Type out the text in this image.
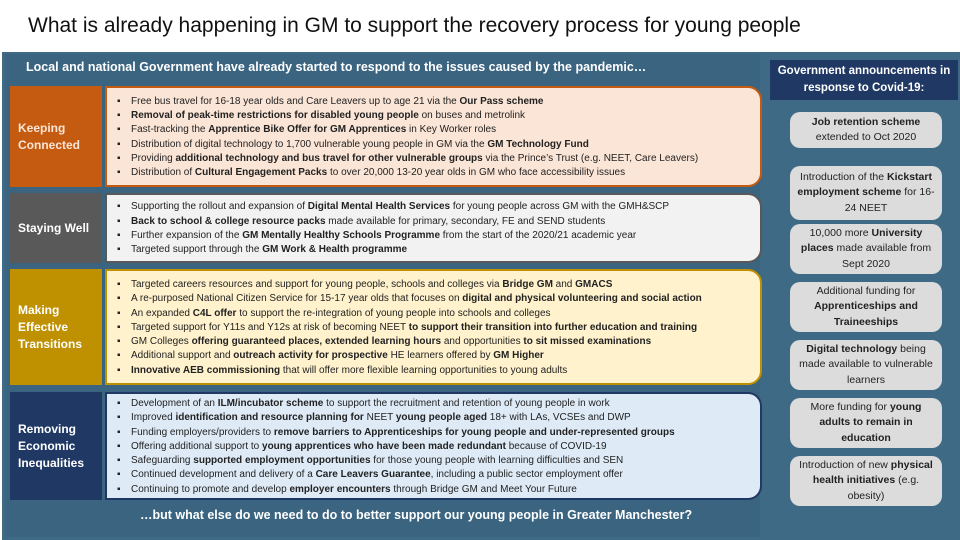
What is already happening in GM to support the recovery process for young people
Local and national Government have already started to respond to the issues caused by the pandemic…
Keeping Connected
▪	Free bus travel for 16-18 year olds and Care Leavers up to age 21 via the Our Pass scheme
▪	Removal of peak-time restrictions for disabled young people on buses and metrolink
▪	Fast-tracking the Apprentice Bike Offer for GM Apprentices in Key Worker roles
▪	Distribution of digital technology to 1,700 vulnerable young people in GM via the GM Technology Fund
▪	Providing additional technology and bus travel for other vulnerable groups via the Prince’s Trust (e.g. NEET, Care Leavers)
▪	Distribution of Cultural Engagement Packs to over 20,000 13-20 year olds in GM who face accessibility issues
Staying Well
▪	Supporting the rollout and expansion of Digital Mental Health Services for young people across GM with the GMH&SCP
▪	Back to school & college resource packs made available for primary, secondary, FE and SEND students
▪	Further expansion of the GM Mentally Healthy Schools Programme from the start of the 2020/21 academic year
▪	Targeted support through the GM Work & Health programme
Making Effective Transitions
▪	Targeted careers resources and support for young people, schools and colleges via Bridge GM and GMACS
▪	A re-purposed National Citizen Service for 15-17 year olds that focuses on digital and physical volunteering and social action
▪	An expanded C4L offer to support the re-integration of young people into schools and colleges
▪	Targeted support for Y11s and Y12s at risk of becoming NEET to support their transition into further education and training
▪	GM Colleges offering guaranteed places, extended learning hours and opportunities to sit missed examinations
▪	Additional support and outreach activity for prospective HE learners offered by GM Higher
▪	Innovative AEB commissioning that will offer more flexible learning opportunities to young adults
Removing Economic Inequalities
▪	Development of an ILM/incubator scheme to support the recruitment and retention of young people in work
▪	Improved identification and resource planning for NEET young people aged 18+ with LAs, VCSEs and DWP
▪	Funding employers/providers to remove barriers to Apprenticeships for young people and under-represented groups
▪	Offering additional support to young apprentices who have been made redundant because of COVID-19
▪	Safeguarding supported employment opportunities for those young people with learning difficulties and SEN
▪	Continued development and delivery of a Care Leavers Guarantee, including a public sector employment offer
▪	Continuing to promote and develop employer encounters through Bridge GM and Meet Your Future
…but what else do we need to do to better support our young people in Greater Manchester?
Government announcements in response to Covid-19:
Job retention scheme extended to Oct 2020
Introduction of the Kickstart employment scheme for 16-24 NEET
10,000 more University places made available from Sept 2020
Additional funding for Apprenticeships and Traineeships
Digital technology being made available to vulnerable learners
More funding for young adults to remain in education
Introduction of new physical health initiatives (e.g. obesity)
